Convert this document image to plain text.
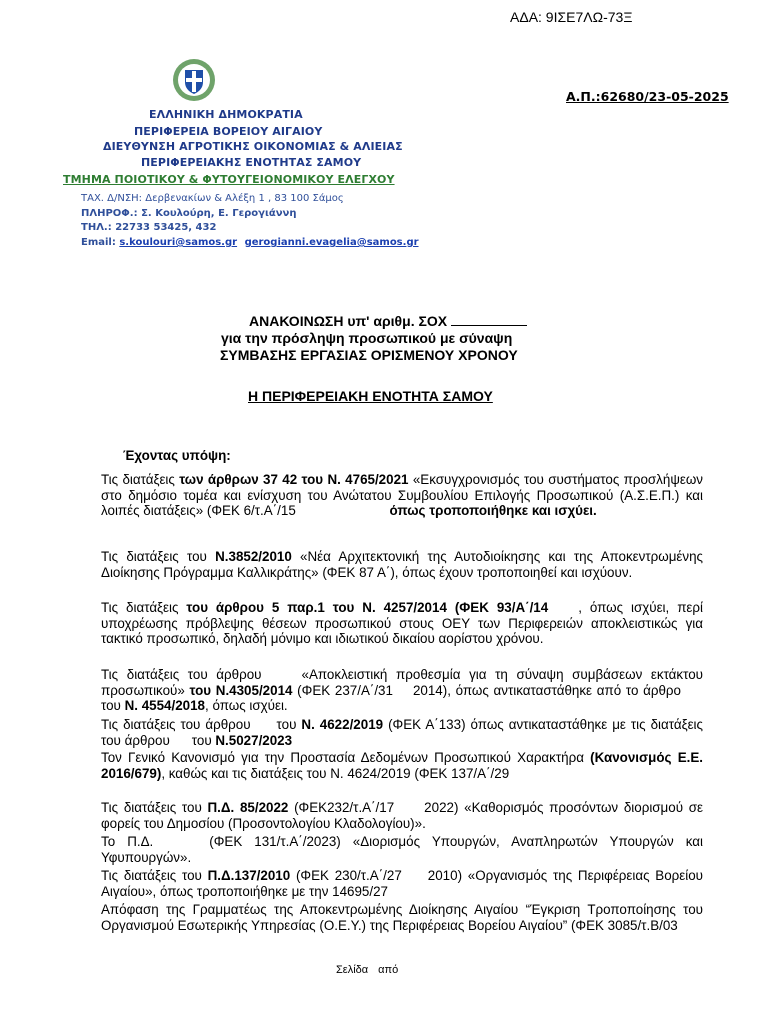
ΑΔΑ: 9ΙΣΕ7ΛΩ-73Ξ
Α.Π.:62680/23-05-2025
ΕΛΛΗΝΙΚΗ ΔΗΜΟΚΡΑΤΙΑ
ΠΕΡΙΦΕΡΕΙΑ ΒΟΡΕΙΟΥ ΑΙΓΑΙΟΥ
ΔΙΕΥΘΥΝΣΗ ΑΓΡΟΤΙΚΗΣ ΟΙΚΟΝΟΜΙΑΣ & ΑΛΙΕΙΑΣ
ΠΕΡΙΦΕΡΕΙΑΚΗΣ ΕΝΟΤΗΤΑΣ ΣΑΜΟΥ
ΤΜΗΜΑ ΠΟΙΟΤΙΚΟΥ & ΦΥΤΟΥΓΕΙΟΝΟΜΙΚΟΥ ΕΛΕΓΧΟΥ
ΤΑΧ. Δ/ΝΣΗ: Δερβενακίων & Αλέξη 1 , 83 100 Σάμος
ΠΛΗΡΟΦ.: Σ. Κουλούρη, Ε. Γερογιάννη
ΤΗΛ.: 22733 53425, 432
Email: s.koulouri@samos.gr gerogianni.evagelia@samos.gr
ΑΝΑΚΟΙΝΩΣΗ υπ' αριθμ. ΣΟΧ
για την πρόσληψη προσωπικού με σύναψη
ΣΥΜΒΑΣΗΣ ΕΡΓΑΣΙΑΣ ΟΡΙΣΜΕΝΟΥ ΧΡΟΝΟΥ
Η ΠΕΡΙΦΕΡΕΙΑΚΗ ΕΝΟΤΗΤΑ ΣΑΜΟΥ
Έχοντας υπόψη:
Τις διατάξεις των άρθρων 37 42 του Ν. 4765/2021 «Εκσυγχρονισμός του συστήματος προσλήψεων στο δημόσιο τομέα και ενίσχυση του Ανώτατου Συμβουλίου Επιλογής Προσωπικού (Α.Σ.Ε.Π.) και λοιπές διατάξεις» (ΦΕΚ 6/τ.Α΄/15	όπως τροποποιήθηκε και ισχύει.
Τις διατάξεις του Ν.3852/2010 «Νέα Αρχιτεκτονική της Αυτοδιοίκησης και της Αποκεντρωμένης Διοίκησης Πρόγραμμα Καλλικράτης» (ΦΕΚ 87 Α΄), όπως έχουν τροποποιηθεί και ισχύουν.
Τις διατάξεις του άρθρου 5 παρ.1 του Ν. 4257/2014 (ΦΕΚ 93/Α΄/14 , όπως ισχύει, περί υποχρέωσης πρόβλεψης θέσεων προσωπικού στους ΟΕΥ των Περιφερειών αποκλειστικώς για τακτικό προσωπικό, δηλαδή μόνιμο και ιδιωτικού δικαίου αορίστου χρόνου.
Τις διατάξεις του άρθρου	«Αποκλειστική προθεσμία για τη σύναψη συμβάσεων εκτάκτου προσωπικού» του Ν.4305/2014 (ΦΕΚ 237/Α΄/31 2014), όπως αντικαταστάθηκε από το άρθροτου Ν. 4554/2018, όπως ισχύει.
Τις διατάξεις του άρθρου του Ν. 4622/2019 (ΦΕΚ Α΄133) όπως αντικαταστάθηκε με τις διατάξεις του άρθρου του Ν.5027/2023
Τον Γενικό Κανονισμό για την Προστασία Δεδομένων Προσωπικού Χαρακτήρα (Κανονισμός Ε.Ε. 2016/679), καθώς και τις διατάξεις του Ν. 4624/2019 (ΦΕΚ 137/Α΄/29
Τις διατάξεις του Π.Δ. 85/2022 (ΦΕΚ232/τ.Α΄/17 2022) «Καθορισμός προσόντων διορισμού σε φορείς του Δημοσίου (Προσοντολογίου Κλαδολογίου)».
Το Π.Δ.	(ΦΕΚ 131/τ.Α΄/2023) «Διορισμός Υπουργών, Αναπληρωτών Υπουργών και Υφυπουργών».
Τις διατάξεις του Π.Δ.137/2010 (ΦΕΚ 230/τ.Α΄/27 2010) «Οργανισμός της Περιφέρειας Βορείου Αιγαίου», όπως τροποποιήθηκε με την 14695/27
Απόφαση της Γραμματέως της Αποκεντρωμένης Διοίκησης Αιγαίου “Έγκριση Τροποποίησης του Οργανισμού Εσωτερικής Υπηρεσίας (Ο.Ε.Υ.) της Περιφέρειας Βορείου Αιγαίου” (ΦΕΚ 3085/τ.Β/03
Σελίδα από
